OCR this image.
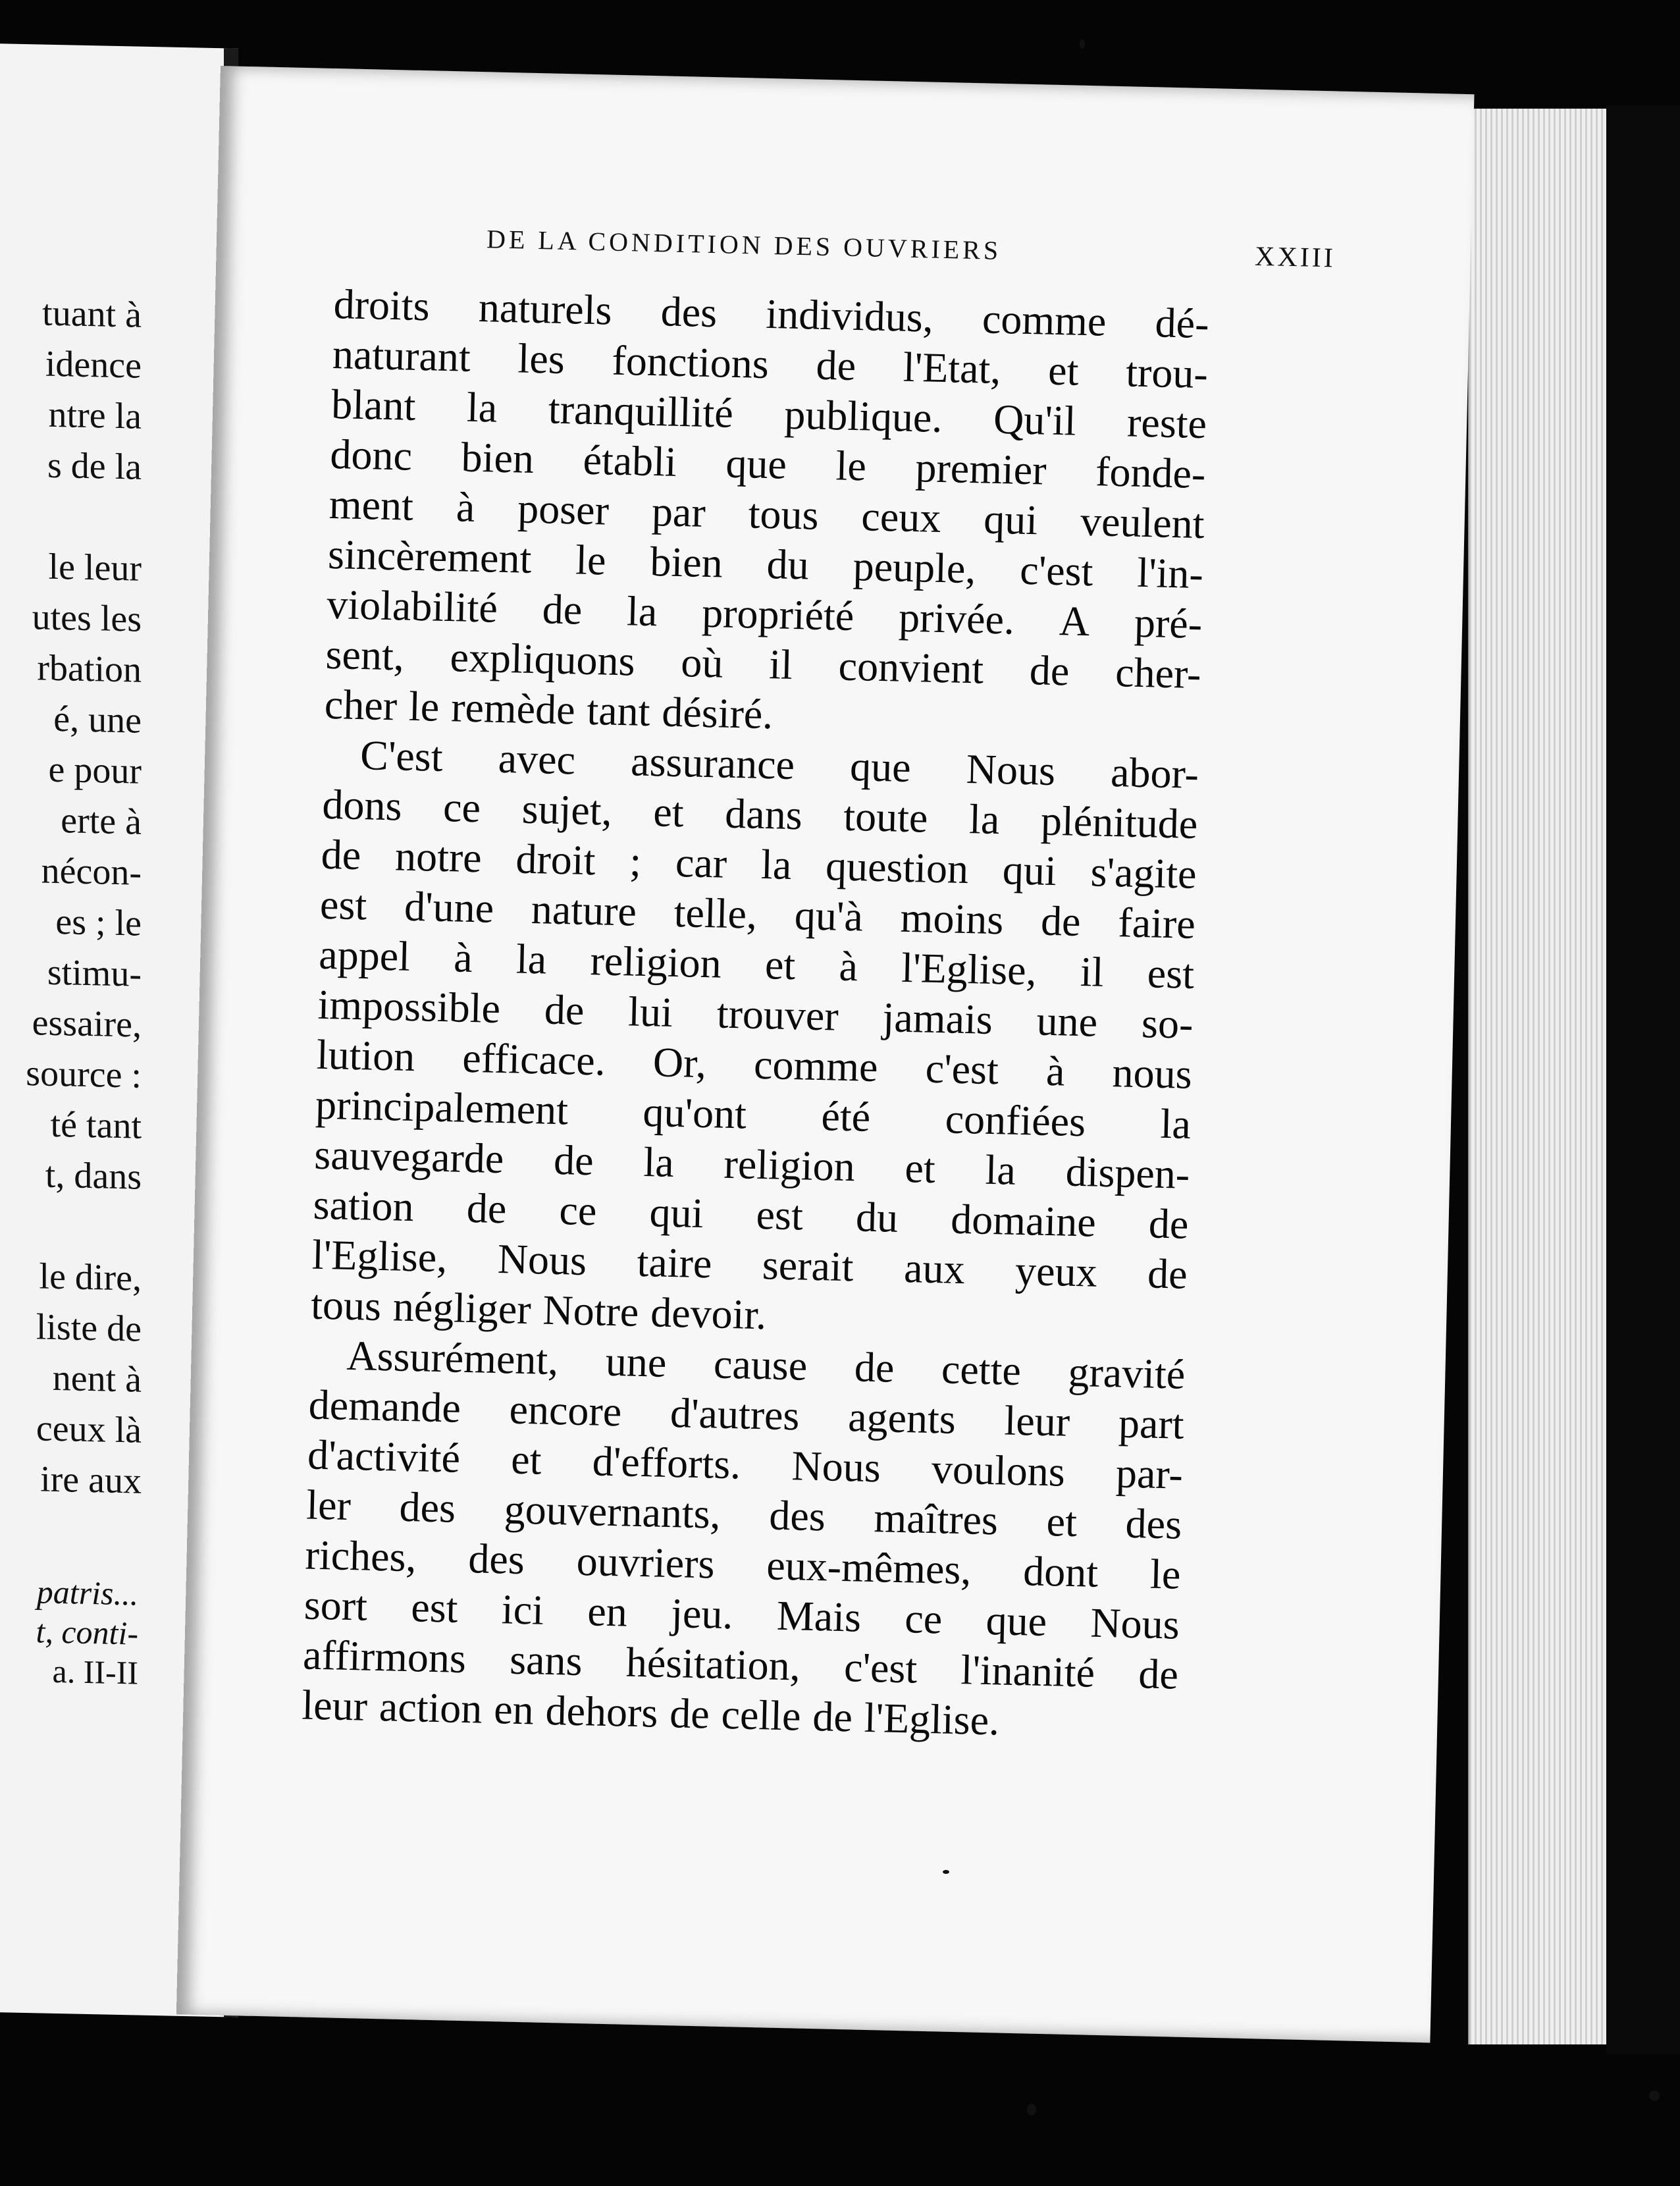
tuant à
idence
ntre la
s de la

le leur
utes les
rbation
é, une
e pour
erte à
nécon-
es ; le
stimu-
essaire,
source :
té tant
t, dans

le dire,
liste de
nent à
ceux là
ire aux
patris...
t, conti-
a. II-II
DE LA CONDITION DES OUVRIERS	XXIII
droits naturels des individus, comme dé-
naturant les fonctions de l'Etat, et trou-
blant la tranquillité publique. Qu'il reste
donc bien établi que le premier fonde-
ment à poser par tous ceux qui veulent
sincèrement le bien du peuple, c'est l'in-
violabilité de la propriété privée. A pré-
sent, expliquons où il convient de cher-
cher le remède tant désiré.
C'est avec assurance que Nous abor-
dons ce sujet, et dans toute la plénitude
de notre droit ; car la question qui s'agite
est d'une nature telle, qu'à moins de faire
appel à la religion et à l'Eglise, il est
impossible de lui trouver jamais une so-
lution efficace. Or, comme c'est à nous
principalement qu'ont été confiées la
sauvegarde de la religion et la dispen-
sation de ce qui est du domaine de
l'Eglise, Nous taire serait aux yeux de
tous négliger Notre devoir.
Assurément, une cause de cette gravité
demande encore d'autres agents leur part
d'activité et d'efforts. Nous voulons par-
ler des gouvernants, des maîtres et des
riches, des ouvriers eux-mêmes, dont le
sort est ici en jeu. Mais ce que Nous
affirmons sans hésitation, c'est l'inanité de
leur action en dehors de celle de l'Eglise.
